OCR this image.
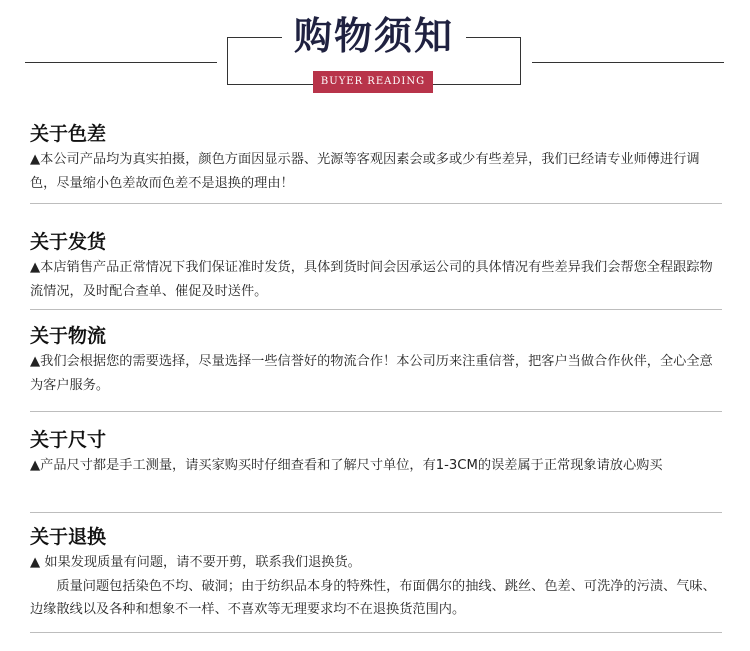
购物须知
BUYER READING
关于色差

▲本公司产品均为真实拍摄，颜色方面因显示器、光源等客观因素会或多或少有些差异，我们已经请专业师傅进行调色，尽量缩小色差故而色差不是退换的理由！

关于发货

▲本店销售产品正常情况下我们保证准时发货，具体到货时间会因承运公司的具体情况有些差异我们会帮您全程跟踪物流情况，及时配合查单、催促及时送件。

关于物流

▲我们会根据您的需要选择，尽量选择一些信誉好的物流合作！本公司历来注重信誉，把客户当做合作伙伴，全心全意为客户服务。

关于尺寸

▲产品尺寸都是手工测量，请买家购买时仔细查看和了解尺寸单位，有1-3CM的误差属于正常现象请放心购买

关于退换

▲ 如果发现质量有问题，请不要开剪，联系我们退换货。

质量问题包括染色不均、破洞；由于纺织品本身的特殊性，布面偶尔的抽线、跳丝、色差、可洗净的污渍、气味、边缘散线以及各种和想象不一样、不喜欢等无理要求均不在退换货范围内。
